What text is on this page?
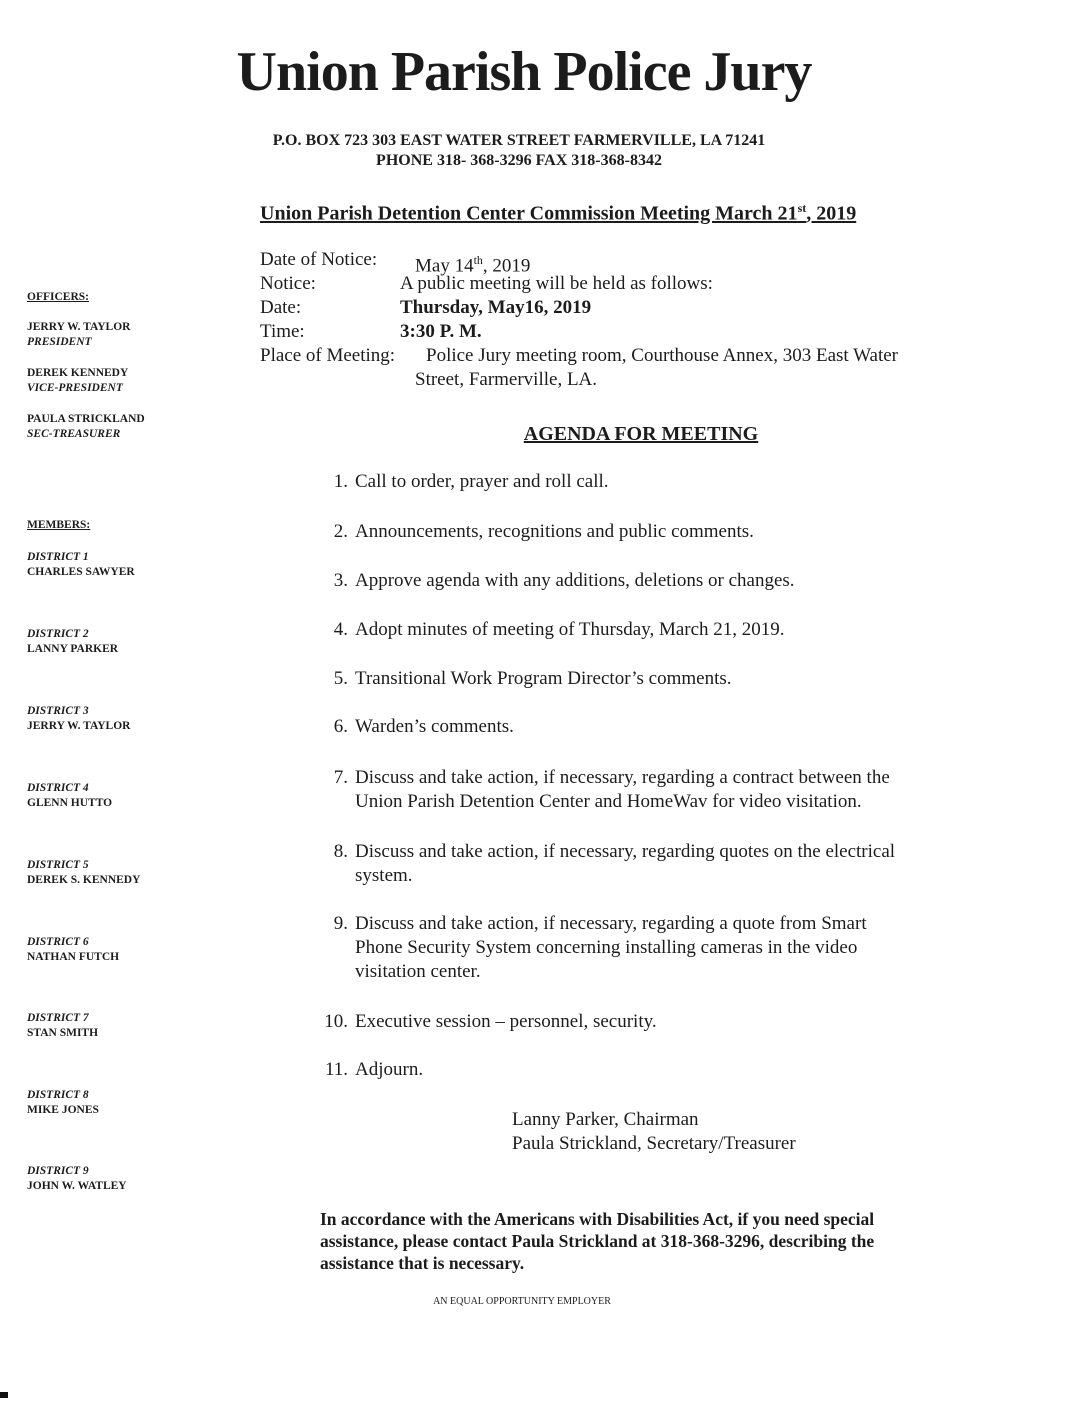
Union Parish Police Jury
P.O. BOX 723 303 EAST WATER STREET FARMERVILLE, LA 71241
PHONE 318- 368-3296 FAX 318-368-8342
Union Parish Detention Center Commission Meeting March 21st, 2019
OFFICERS:
JERRY W. TAYLOR
PRESIDENT
DEREK KENNEDY
VICE-PRESIDENT
PAULA STRICKLAND
SEC-TREASURER
MEMBERS:
DISTRICT 1
CHARLES SAWYER
DISTRICT 2
LANNY PARKER
DISTRICT 3
JERRY W. TAYLOR
DISTRICT 4
GLENN HUTTO
DISTRICT 5
DEREK S. KENNEDY
DISTRICT 6
NATHAN FUTCH
DISTRICT 7
STAN SMITH
DISTRICT 8
MIKE JONES
DISTRICT 9
JOHN W. WATLEY
Date of Notice: May 14th, 2019
Notice:	A public meeting will be held as follows:
Date:	Thursday, May16, 2019
Time:	3:30 P. M.
Place of Meeting: Police Jury meeting room, Courthouse Annex, 303 East Water
Street, Farmerville, LA.
AGENDA FOR MEETING
1. Call to order, prayer and roll call.
2. Announcements, recognitions and public comments.
3. Approve agenda with any additions, deletions or changes.
4. Adopt minutes of meeting of Thursday, March 21, 2019.
5. Transitional Work Program Director’s comments.
6. Warden’s comments.
7. Discuss and take action, if necessary, regarding a contract between the
Union Parish Detention Center and HomeWav for video visitation.
8. Discuss and take action, if necessary, regarding quotes on the electrical
system.
9. Discuss and take action, if necessary, regarding a quote from Smart
Phone Security System concerning installing cameras in the video
visitation center.
10. Executive session – personnel, security.
11. Adjourn.
Lanny Parker, Chairman
Paula Strickland, Secretary/Treasurer
In accordance with the Americans with Disabilities Act, if you need special
assistance, please contact Paula Strickland at 318-368-3296, describing the
assistance that is necessary.
AN EQUAL OPPORTUNITY EMPLOYER
